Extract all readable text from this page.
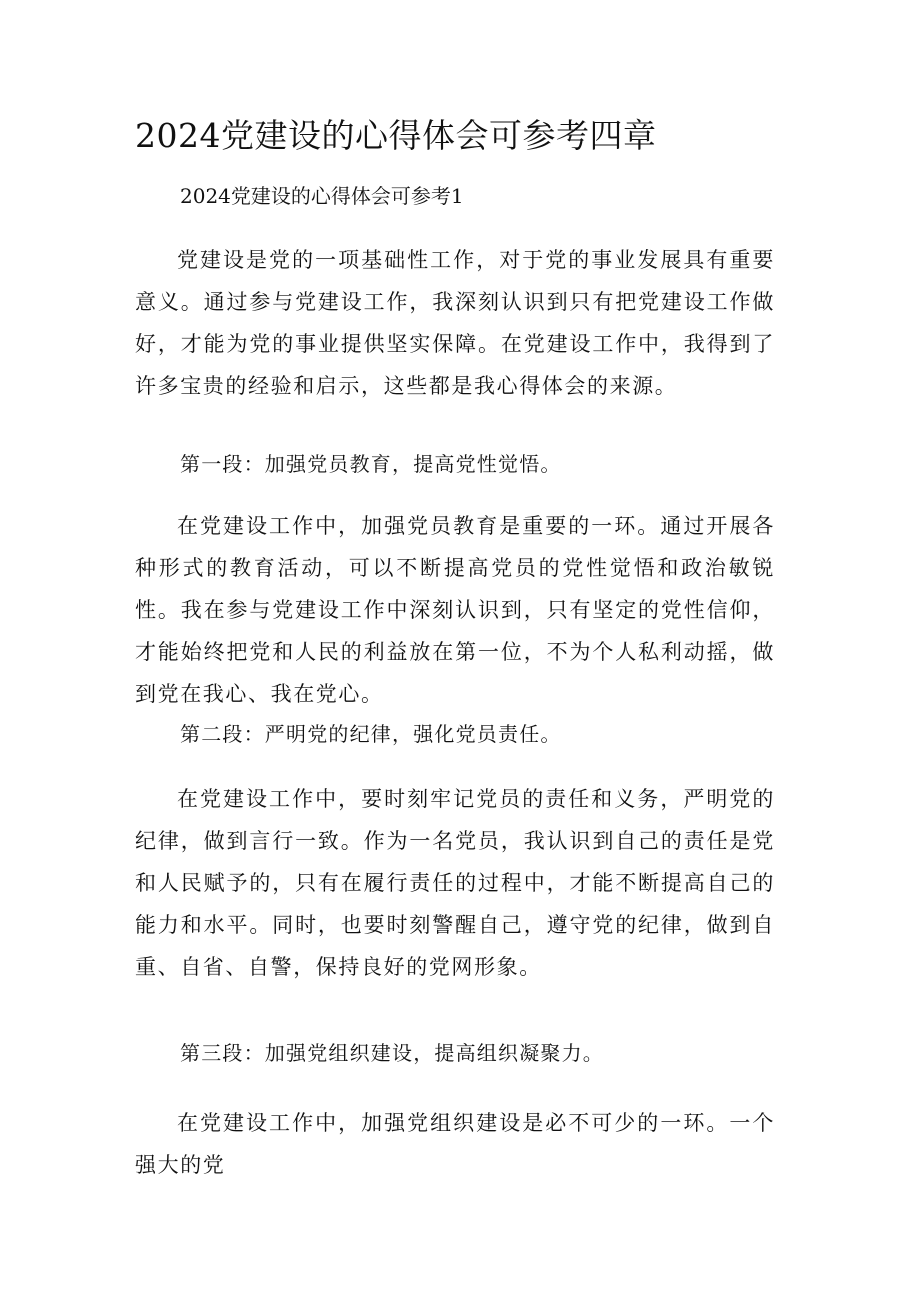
2024党建设的心得体会可参考四章

2024党建设的心得体会可参考1

党建设是党的一项基础性工作，对于党的事业发展具有重要意义。通过参与党建设工作，我深刻认识到只有把党建设工作做好，才能为党的事业提供坚实保障。在党建设工作中，我得到了许多宝贵的经验和启示，这些都是我心得体会的来源。

第一段：加强党员教育，提高党性觉悟。

在党建设工作中，加强党员教育是重要的一环。通过开展各种形式的教育活动，可以不断提高党员的党性觉悟和政治敏锐性。我在参与党建设工作中深刻认识到，只有坚定的党性信仰，才能始终把党和人民的利益放在第一位，不为个人私利动摇，做到党在我心、我在党心。

第二段：严明党的纪律，强化党员责任。

在党建设工作中，要时刻牢记党员的责任和义务，严明党的纪律，做到言行一致。作为一名党员，我认识到自己的责任是党和人民赋予的，只有在履行责任的过程中，才能不断提高自己的能力和水平。同时，也要时刻警醒自己，遵守党的纪律，做到自重、自省、自警，保持良好的党网形象。

第三段：加强党组织建设，提高组织凝聚力。

在党建设工作中，加强党组织建设是必不可少的一环。一个强大的党
